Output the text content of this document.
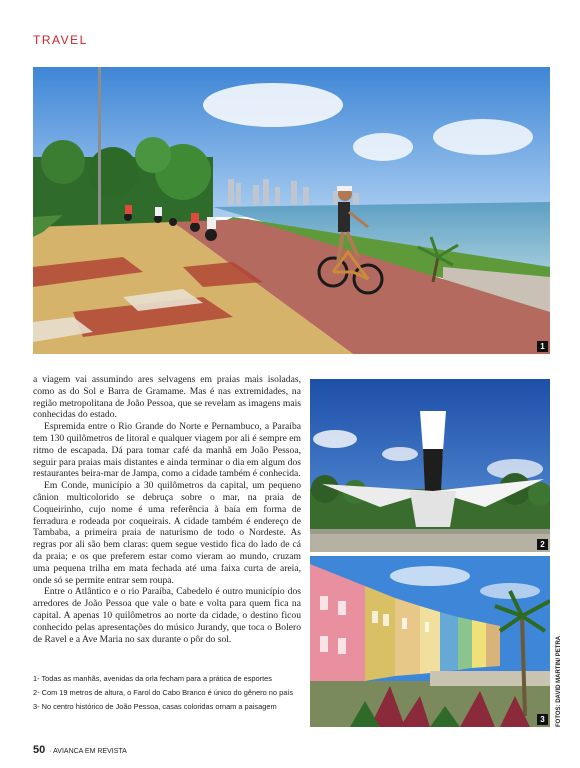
TRAVEL
1
2
3

a viagem vai assumindo ares selvagens em praias mais isoladas, como as do Sol e Barra de Gramame. Mas é nas extremidades, na região metropolitana de João Pessoa, que se revelam as imagens mais conhecidas do estado.

Espremida entre o Rio Grande do Norte e Pernambuco, a Paraíba tem 130 quilômetros de litoral e qualquer viagem por ali é sempre em ritmo de escapada. Dá para tomar café da manhã em João Pessoa, seguir para praias mais distantes e ainda terminar o dia em algum dos restaurantes beira-mar de Jampa, como a cidade também é conhecida.

Em Conde, município a 30 quilômetros da capital, um pequeno cânion multicolorido se debruça sobre o mar, na praia de Coqueirinho, cujo nome é uma referência à baía em forma de ferradura e rodeada por coqueirais. A cidade também é endereço de Tambaba, a primeira praia de naturismo de todo o Nordeste. As regras por ali são bem claras: quem segue vestido fica do lado de cá da praia; e os que preferem estar como vieram ao mundo, cruzam uma pequena trilha em mata fechada até uma faixa curta de areia, onde só se permite entrar sem roupa.

Entre o Atlântico e o rio Paraíba, Cabedelo é outro município dos arredores de João Pessoa que vale o bate e volta para quem fica na capital. A apenas 10 quilômetros ao norte da cidade, o destino ficou conhecido pelas apresentações do músico Jurandy, que toca o Bolero de Ravel e a Ave Maria no sax durante o pôr do sol.

1- Todas as manhãs, avenidas da orla fecham para a prática de esportes
2- Com 19 metros de altura, o Farol do Cabo Branco é único do gênero no país
3- No centro histórico de João Pessoa, casas coloridas ornam a paisagem	FOTOS: DAVID MARTIN/ PETRA
50 · AVIANCA EM REVISTA
